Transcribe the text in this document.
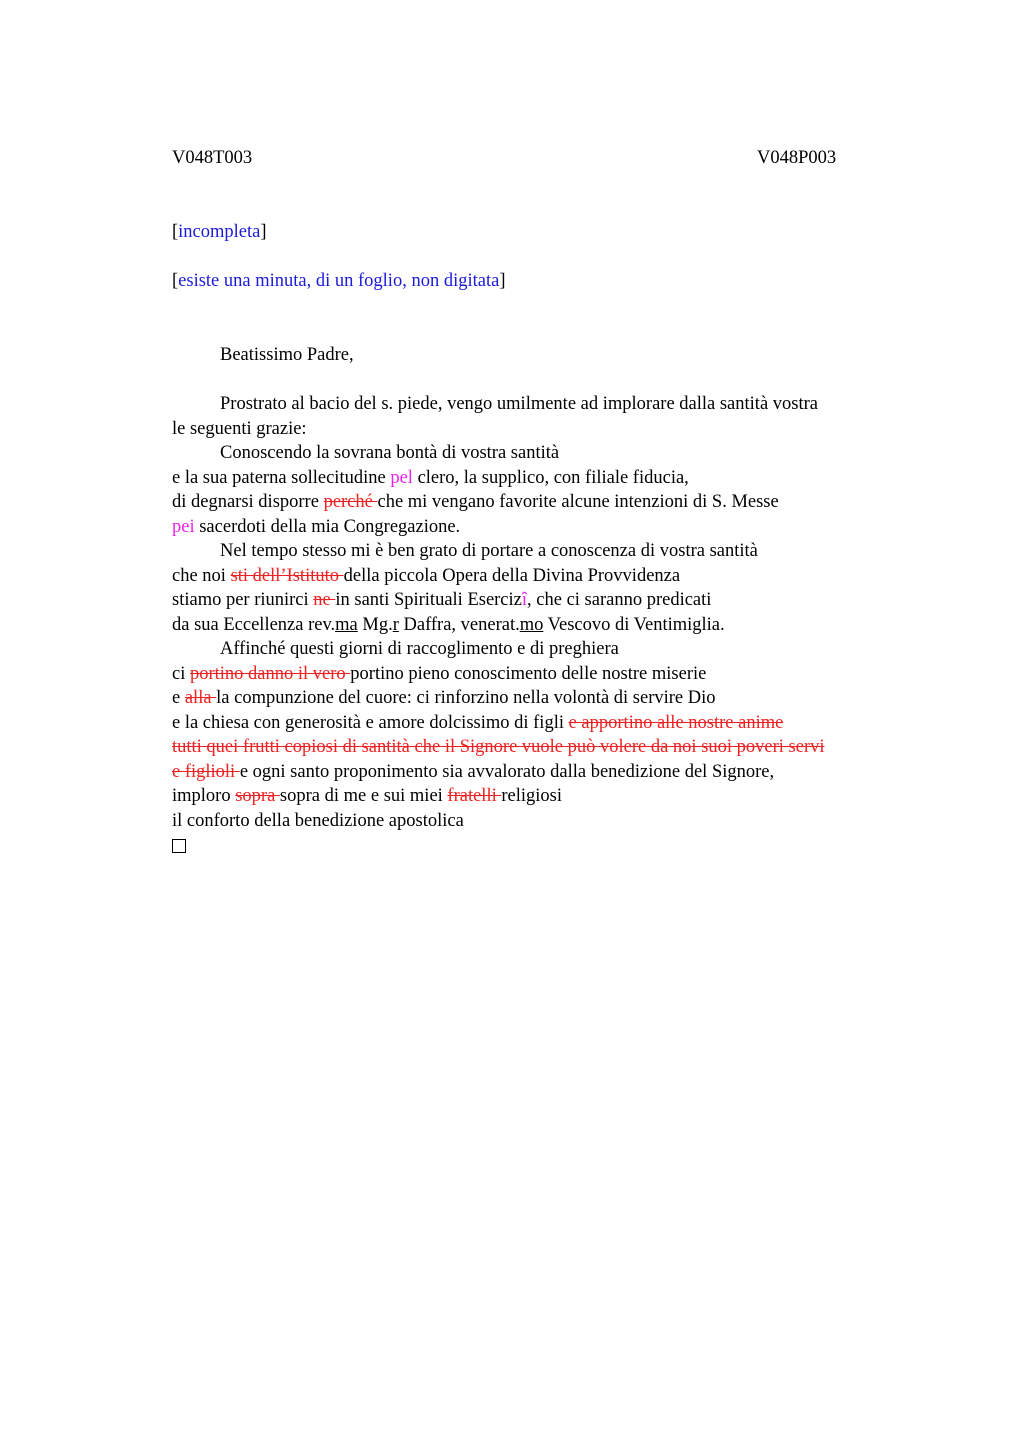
V048T003	V048P003
[incompleta]
[esiste una minuta, di un foglio, non digitata]
Beatissimo Padre,
Prostrato al bacio del s. piede, vengo umilmente ad implorare dalla santità vostra
le seguenti grazie:
Conoscendo la sovrana bontà di vostra santità
e la sua paterna sollecitudine pel clero, la supplico, con filiale fiducia,
di degnarsi disporre perché che mi vengano favorite alcune intenzioni di S. Messe
pei sacerdoti della mia Congregazione.
Nel tempo stesso mi è ben grato di portare a conoscenza di vostra santità
che noi sti dell’Istituto della piccola Opera della Divina Provvidenza
stiamo per riunirci ne in santi Spirituali Esercizî, che ci saranno predicati
da sua Eccellenza rev.ma Mg.r Daffra, venerat.mo Vescovo di Ventimiglia.
Affinché questi giorni di raccoglimento e di preghiera
ci portino danno il vero portino pieno conoscimento delle nostre miserie
e alla la compunzione del cuore: ci rinforzino nella volontà di servire Dio
e la chiesa con generosità e amore dolcissimo di figli e apportino alle nostre anime
tutti quei frutti copiosi di santità che il Signore vuole può volere da noi suoi poveri servi
e figlioli e ogni santo proponimento sia avvalorato dalla benedizione del Signore,
imploro sopra sopra di me e sui miei fratelli religiosi
il conforto della benedizione apostolica
